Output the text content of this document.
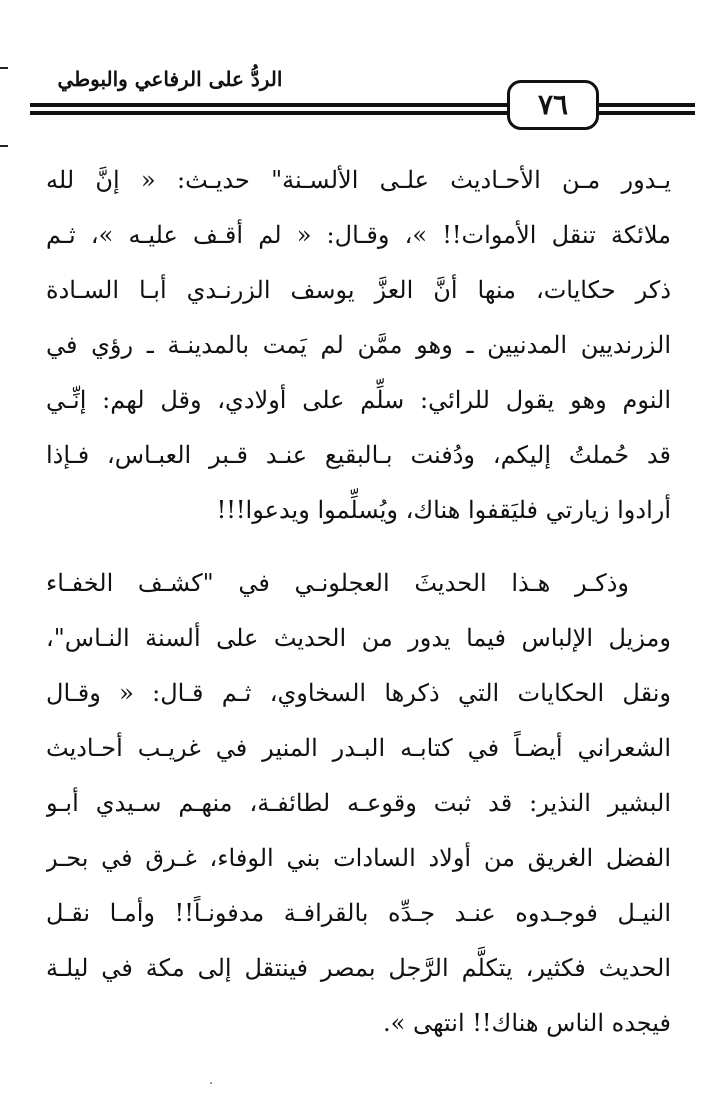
الردُّ على الرفاعي والبوطي
٧٦
يـدور مـن الأحـاديث علـى الألسـنة" حديـث: « إنَّ لله
ملائكة تنقل الأموات!! »، وقـال: « لم أقـف عليـه »، ثـم
ذكر حكايات، منها أنَّ العزَّ يوسف الزرنـدي أبـا السـادة
الزرنديين المدنيين ـ وهو ممَّن لم يَمت بالمدينـة ـ رؤي في
النوم وهو يقول للرائي: سلِّم على أولادي، وقل لهم: إنِّـي
قد حُملتُ إليكم، ودُفنت بـالبقيع عنـد قـبر العبـاس، فـإذا
أرادوا زيارتي فليَقفوا هناك، ويُسلِّموا ويدعوا!!!
وذكـر هـذا الحديثَ العجلونـي في "كشـف الخفـاء
ومزيل الإلباس فيما يدور من الحديث على ألسنة النـاس"،
ونقل الحكايات التي ذكرها السخاوي، ثـم قـال: « وقـال
الشعراني أيضـاً في كتابـه البـدر المنير في غريـب أحـاديث
البشير النذير: قد ثبت وقوعـه لطائفـة، منهـم سـيدي أبـو
الفضل الغريق من أولاد السادات بني الوفاء، غـرق في بحـر
النيـل فوجـدوه عنـد جـدِّه بالقرافـة مدفونـاً!! وأمـا نقـل
الحديث فكثير، يتكلَّم الرَّجل بمصر فينتقل إلى مكة في ليلـة
فيجده الناس هناك!! انتهى ».
